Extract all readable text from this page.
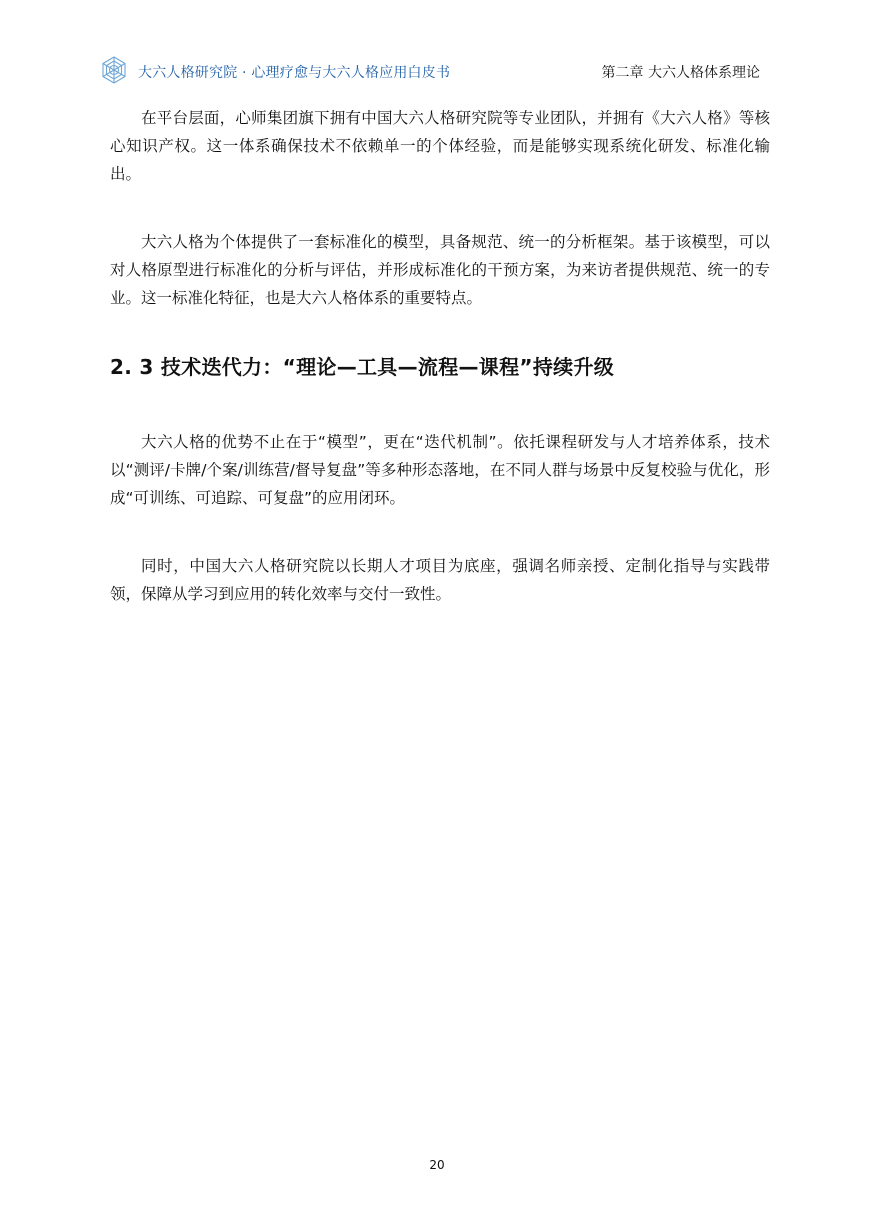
大六人格研究院 · 心理疗愈与大六人格应用白皮书	第二章 大六人格体系理论

在平台层面，心师集团旗下拥有中国大六人格研究院等专业团队，并拥有《大六人格》等核心知识产权。这一体系确保技术不依赖单一的个体经验，而是能够实现系统化研发、标准化输出。

大六人格为个体提供了一套标准化的模型，具备规范、统一的分析框架。基于该模型，可以对人格原型进行标准化的分析与评估，并形成标准化的干预方案，为来访者提供规范、统一的专业。这一标准化特征，也是大六人格体系的重要特点。

2. 3 技术迭代力：“理论—工具—流程—课程”持续升级

大六人格的优势不止在于“模型”，更在“迭代机制”。依托课程研发与人才培养体系，技术以“测评/卡牌/个案/训练营/督导复盘”等多种形态落地，在不同人群与场景中反复校验与优化，形成“可训练、可追踪、可复盘”的应用闭环。

同时，中国大六人格研究院以长期人才项目为底座，强调名师亲授、定制化指导与实践带领，保障从学习到应用的转化效率与交付一致性。

20
